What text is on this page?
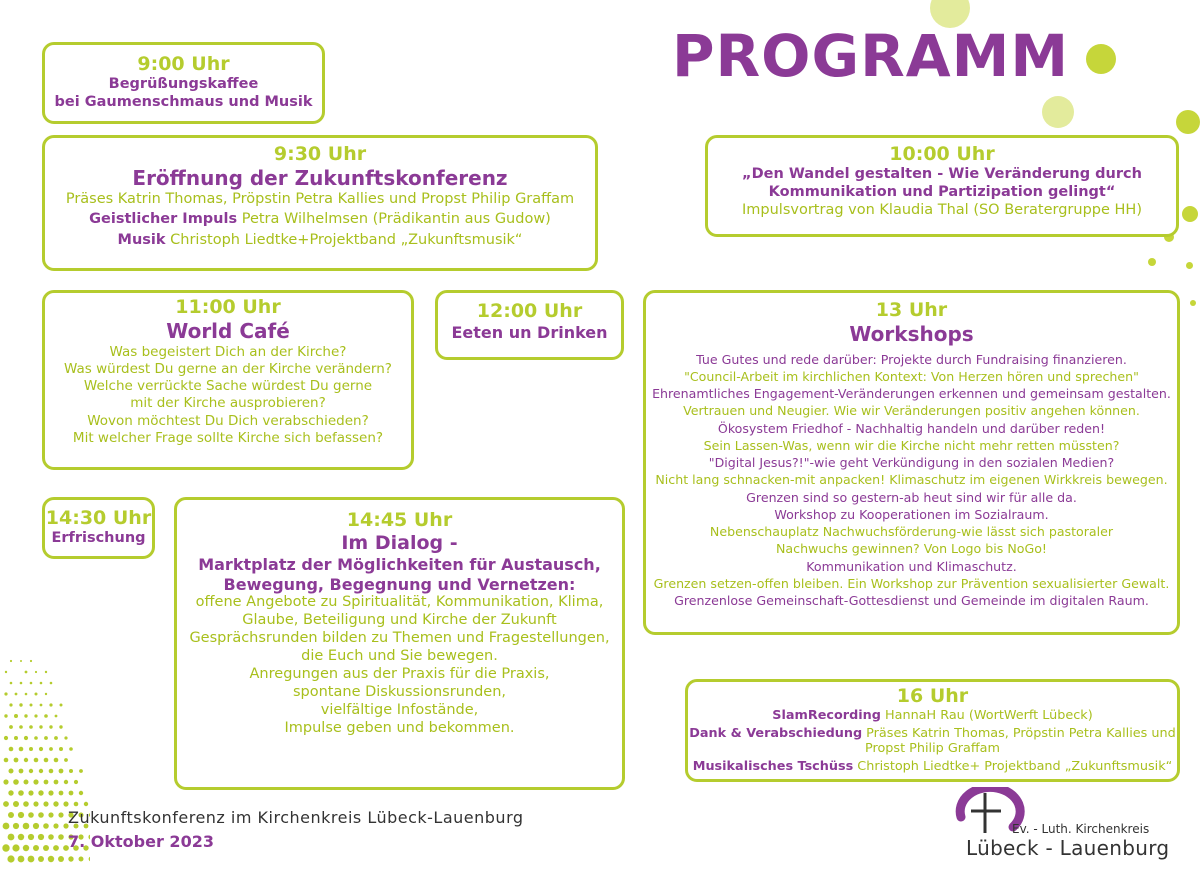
PROGRAMM
9:00 Uhr
Begrüßungskaffee
bei Gaumenschmaus und Musik
9:30 Uhr
Eröffnung der Zukunftskonferenz
Präses Katrin Thomas, Pröpstin Petra Kallies und Propst Philip Graffam
Geistlicher Impuls Petra Wilhelmsen (Prädikantin aus Gudow)
Musik Christoph Liedtke+Projektband „Zukunftsmusik“
10:00 Uhr
„Den Wandel gestalten - Wie Veränderung durch
Kommunikation und Partizipation gelingt“
Impulsvortrag von Klaudia Thal (SO Beratergruppe HH)
11:00 Uhr
World Café
Was begeistert Dich an der Kirche?
Was würdest Du gerne an der Kirche verändern?
Welche verrückte Sache würdest Du gerne
mit der Kirche ausprobieren?
Wovon möchtest Du Dich verabschieden?
Mit welcher Frage sollte Kirche sich befassen?
12:00 Uhr
Eeten un Drinken
13 Uhr
Workshops
Tue Gutes und rede darüber: Projekte durch Fundraising finanzieren.
"Council-Arbeit im kirchlichen Kontext: Von Herzen hören und sprechen"
Ehrenamtliches Engagement-Veränderungen erkennen und gemeinsam gestalten.
Vertrauen und Neugier. Wie wir Veränderungen positiv angehen können.
Ökosystem Friedhof - Nachhaltig handeln und darüber reden!
Sein Lassen-Was, wenn wir die Kirche nicht mehr retten müssten?
"Digital Jesus?!"-wie geht Verkündigung in den sozialen Medien?
Nicht lang schnacken-mit anpacken! Klimaschutz im eigenen Wirkkreis bewegen.
Grenzen sind so gestern-ab heut sind wir für alle da.
Workshop zu Kooperationen im Sozialraum.
Nebenschauplatz Nachwuchsförderung-wie lässt sich pastoraler
Nachwuchs gewinnen? Von Logo bis NoGo!
Kommunikation und Klimaschutz.
Grenzen setzen-offen bleiben. Ein Workshop zur Prävention sexualisierter Gewalt.
Grenzenlose Gemeinschaft-Gottesdienst und Gemeinde im digitalen Raum.
14:30 Uhr
Erfrischung
14:45 Uhr
Im Dialog -
Marktplatz der Möglichkeiten für Austausch,
Bewegung, Begegnung und Vernetzen:
offene Angebote zu Spiritualität, Kommunikation, Klima,
Glaube, Beteiligung und Kirche der Zukunft
Gesprächsrunden bilden zu Themen und Fragestellungen,
die Euch und Sie bewegen.
Anregungen aus der Praxis für die Praxis,
spontane Diskussionsrunden,
vielfältige Infostände,
Impulse geben und bekommen.
16 Uhr
SlamRecording HannaH Rau (WortWerft Lübeck)
Dank & Verabschiedung Präses Katrin Thomas, Pröpstin Petra Kallies und
Propst Philip Graffam
Musikalisches Tschüss Christoph Liedtke+ Projektband „Zukunftsmusik“
Zukunftskonferenz im Kirchenkreis Lübeck-Lauenburg
7. Oktober 2023
Ev. - Luth. Kirchenkreis
Lübeck - Lauenburg
